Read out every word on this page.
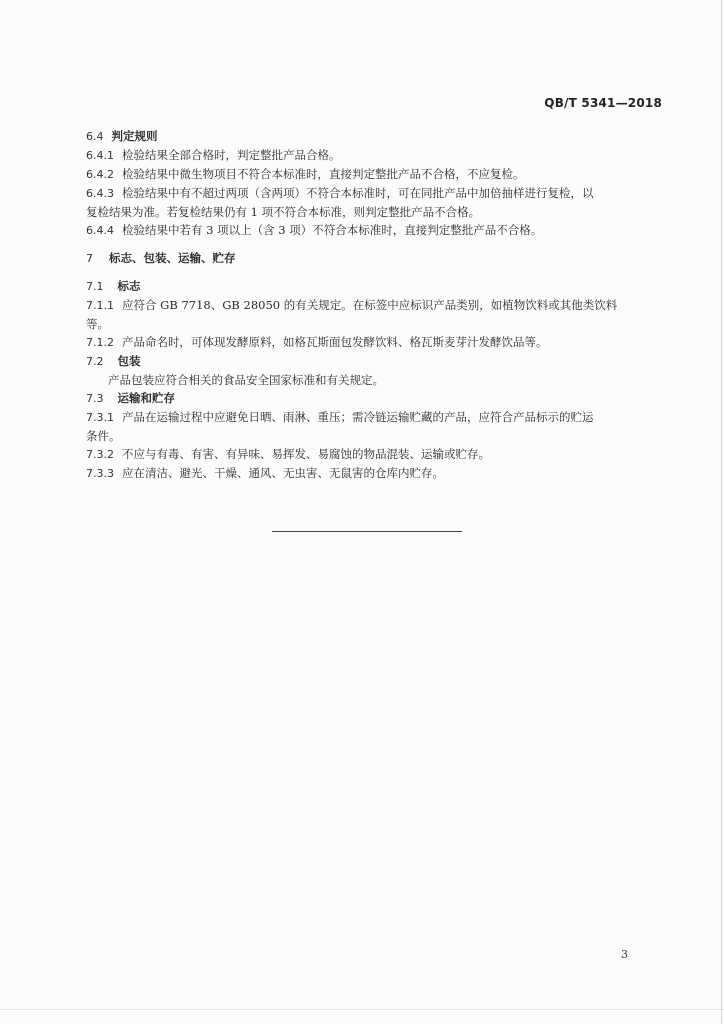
QB/T 5341—2018
6.4 判定规则
6.4.1 检验结果全部合格时，判定整批产品合格。
6.4.2 检验结果中微生物项目不符合本标准时，直接判定整批产品不合格，不应复检。
6.4.3 检验结果中有不超过两项（含两项）不符合本标准时，可在同批产品中加倍抽样进行复检，以
复检结果为准。若复检结果仍有 1 项不符合本标准，则判定整批产品不合格。
6.4.4 检验结果中若有 3 项以上（含 3 项）不符合本标准时，直接判定整批产品不合格。
7 标志、包装、运输、贮存
7.1 标志
7.1.1 应符合 GB 7718、GB 28050 的有关规定。在标签中应标识产品类别，如植物饮料或其他类饮料
等。
7.1.2 产品命名时，可体现发酵原料，如格瓦斯面包发酵饮料、格瓦斯麦芽汁发酵饮品等。
7.2 包装
产品包装应符合相关的食品安全国家标准和有关规定。
7.3 运输和贮存
7.3.1 产品在运输过程中应避免日晒、雨淋、重压；需冷链运输贮藏的产品，应符合产品标示的贮运
条件。
7.3.2 不应与有毒、有害、有异味、易挥发、易腐蚀的物品混装、运输或贮存。
7.3.3 应在清洁、避光、干燥、通风、无虫害、无鼠害的仓库内贮存。
3
